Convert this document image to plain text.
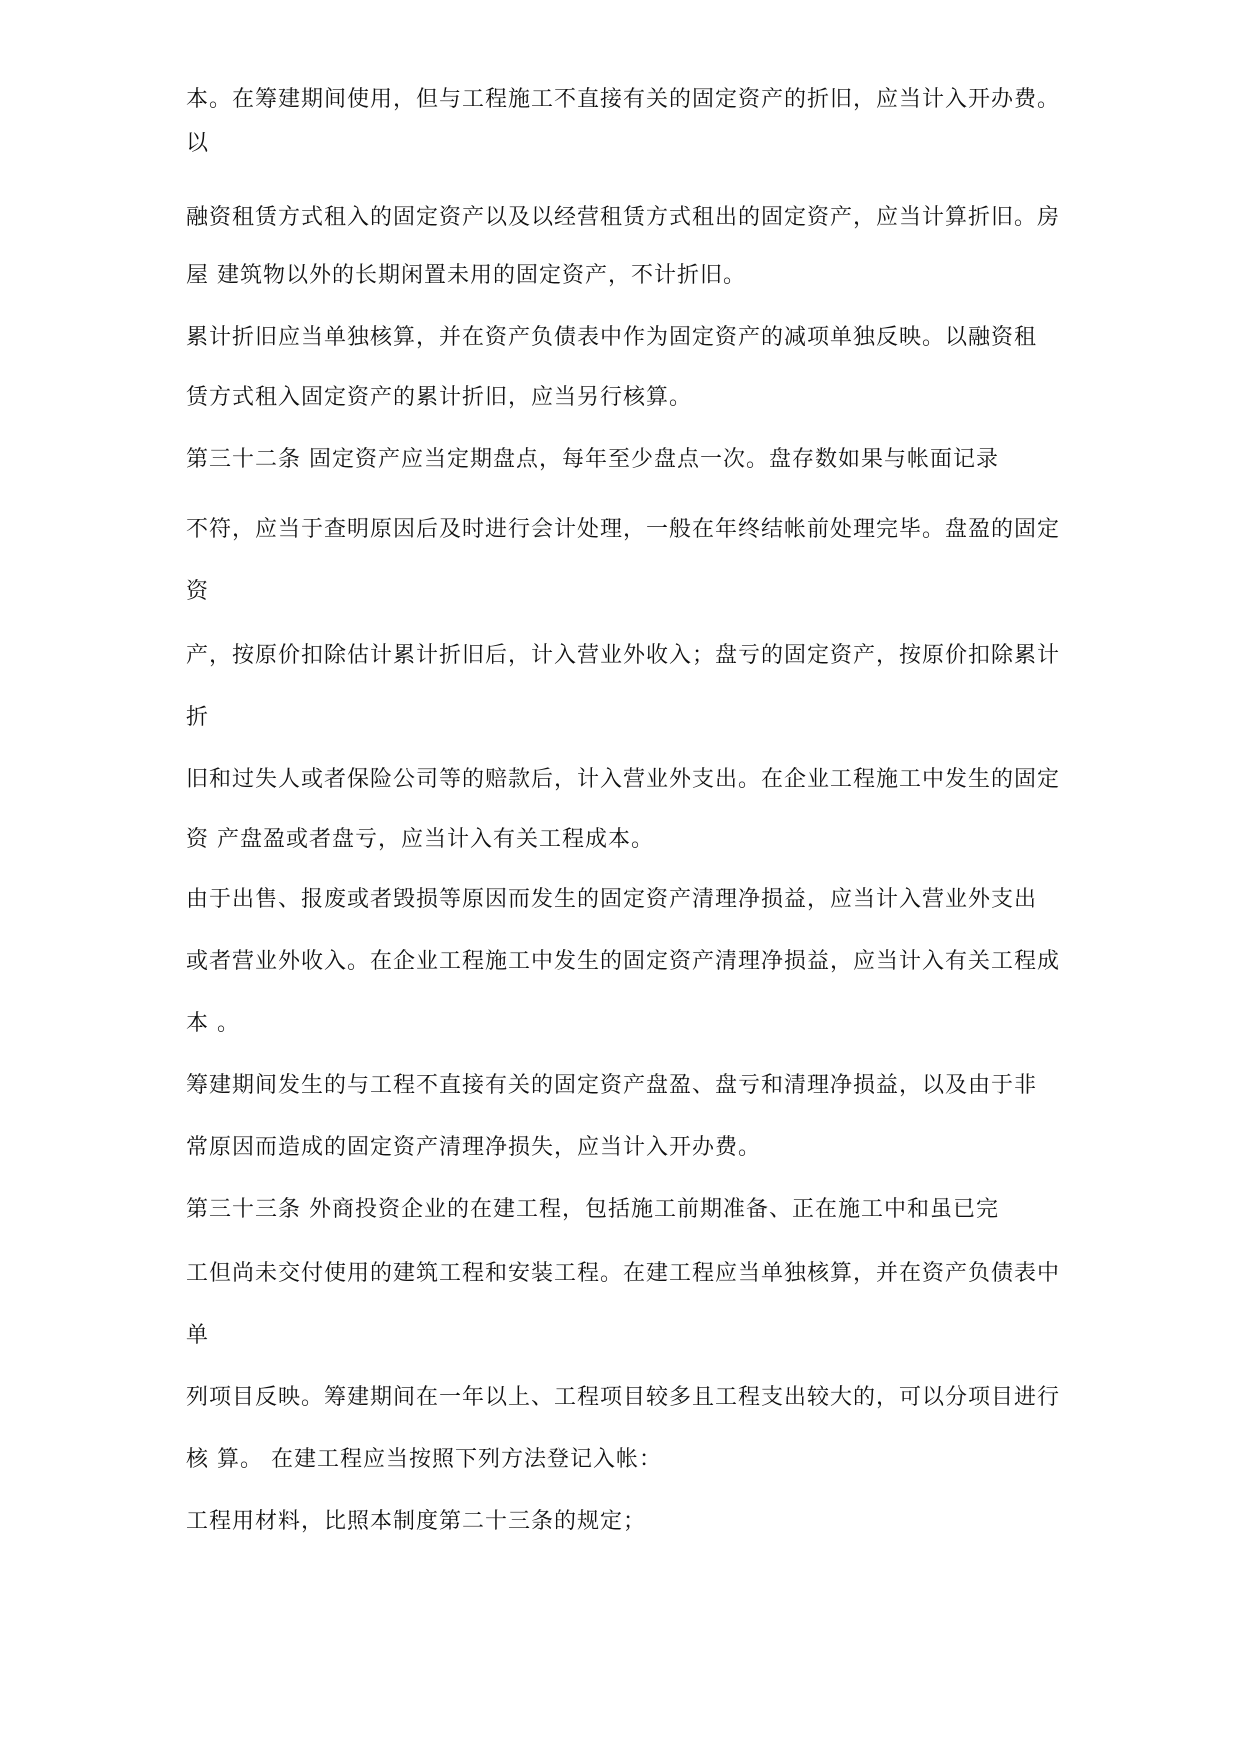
本。在筹建期间使用，但与工程施工不直接有关的固定资产的折旧，应当计入开办费。
以
融资租赁方式租入的固定资产以及以经营租赁方式租出的固定资产，应当计算折旧。房
屋 建筑物以外的长期闲置未用的固定资产，不计折旧。
累计折旧应当单独核算，并在资产负债表中作为固定资产的减项单独反映。以融资租
赁方式租入固定资产的累计折旧，应当另行核算。
第三十二条 固定资产应当定期盘点，每年至少盘点一次。盘存数如果与帐面记录
不符，应当于查明原因后及时进行会计处理，一般在年终结帐前处理完毕。盘盈的固定
资
产，按原价扣除估计累计折旧后，计入营业外收入；盘亏的固定资产，按原价扣除累计
折
旧和过失人或者保险公司等的赔款后，计入营业外支出。在企业工程施工中发生的固定
资 产盘盈或者盘亏，应当计入有关工程成本。
由于出售、报废或者毁损等原因而发生的固定资产清理净损益，应当计入营业外支出
或者营业外收入。在企业工程施工中发生的固定资产清理净损益，应当计入有关工程成
本 。
筹建期间发生的与工程不直接有关的固定资产盘盈、盘亏和清理净损益，以及由于非
常原因而造成的固定资产清理净损失，应当计入开办费。
第三十三条 外商投资企业的在建工程，包括施工前期准备、正在施工中和虽已完
工但尚未交付使用的建筑工程和安装工程。在建工程应当单独核算，并在资产负债表中
单
列项目反映。筹建期间在一年以上、工程项目较多且工程支出较大的，可以分项目进行
核 算。 在建工程应当按照下列方法登记入帐：
工程用材料，比照本制度第二十三条的规定；
